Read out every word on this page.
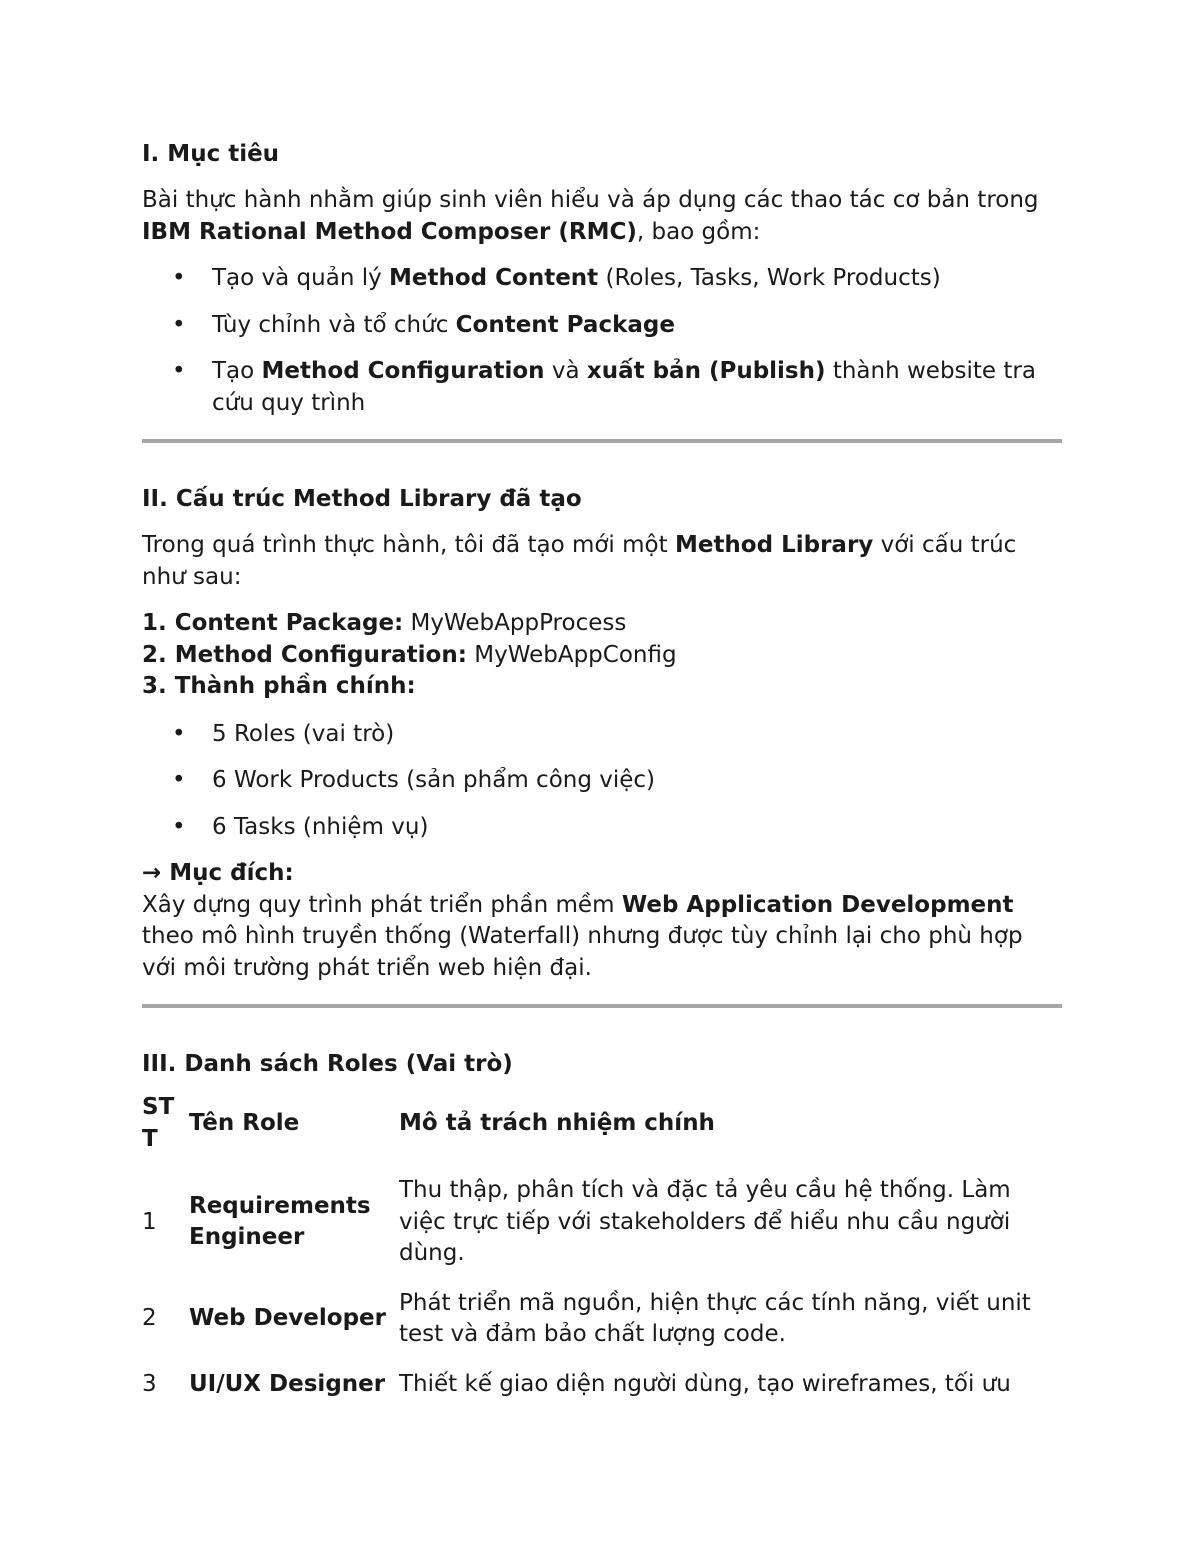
I. Mục tiêu

Bài thực hành nhằm giúp sinh viên hiểu và áp dụng các thao tác cơ bản trong IBM Rational Method Composer (RMC), bao gồm:

• Tạo và quản lý Method Content (Roles, Tasks, Work Products)
• Tùy chỉnh và tổ chức Content Package
• Tạo Method Configuration và xuất bản (Publish) thành website tra cứu quy trình
II. Cấu trúc Method Library đã tạo

Trong quá trình thực hành, tôi đã tạo mới một Method Library với cấu trúc như sau:

1. Content Package: MyWebAppProcess
2. Method Configuration: MyWebAppConfig
3. Thành phần chính:
• 5 Roles (vai trò)
• 6 Work Products (sản phẩm công việc)
• 6 Tasks (nhiệm vụ)

→ Mục đích:

Xây dựng quy trình phát triển phần mềm Web Application Development theo mô hình truyền thống (Waterfall) nhưng được tùy chỉnh lại cho phù hợp với môi trường phát triển web hiện đại.

III. Danh sách Roles (Vai trò)
STT	Tên Role	Mô tả trách nhiệm chính
1	Requirements Engineer	Thu thập, phân tích và đặc tả yêu cầu hệ thống. Làm việc trực tiếp với stakeholders để hiểu nhu cầu người dùng.
2	Web Developer	Phát triển mã nguồn, hiện thực các tính năng, viết unit test và đảm bảo chất lượng code.
3	UI/UX Designer	Thiết kế giao diện người dùng, tạo wireframes, tối ưu
